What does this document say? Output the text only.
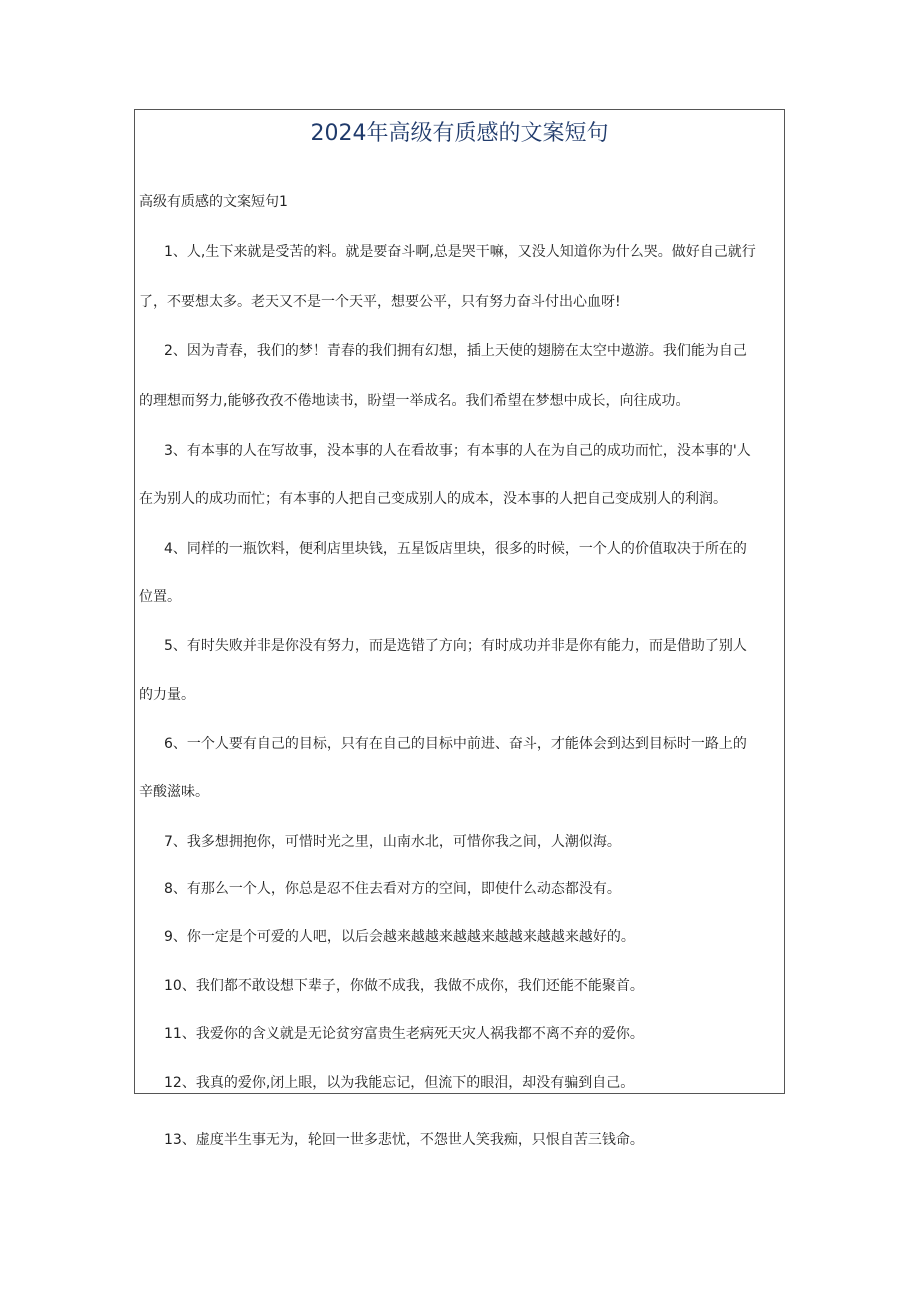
2024年高级有质感的文案短句

高级有质感的文案短句1

1、人,生下来就是受苦的料。就是要奋斗啊,总是哭干嘛，又没人知道你为什么哭。做好自己就行

了，不要想太多。老天又不是一个天平，想要公平，只有努力奋斗付出心血呀!

2、因为青春，我们的梦！青春的我们拥有幻想，插上天使的翅膀在太空中遨游。我们能为自己

的理想而努力,能够孜孜不倦地读书，盼望一举成名。我们希望在梦想中成长，向往成功。

3、有本事的人在写故事，没本事的人在看故事；有本事的人在为自己的成功而忙，没本事的'人

在为别人的成功而忙；有本事的人把自己变成别人的成本，没本事的人把自己变成别人的利润。

4、同样的一瓶饮料，便利店里块钱，五星饭店里块，很多的时候，一个人的价值取决于所在的

位置。

5、有时失败并非是你没有努力，而是选错了方向；有时成功并非是你有能力，而是借助了别人

的力量。

6、一个人要有自己的目标，只有在自己的目标中前进、奋斗，才能体会到达到目标时一路上的

辛酸滋味。

7、我多想拥抱你，可惜时光之里，山南水北，可惜你我之间，人潮似海。

8、有那么一个人，你总是忍不住去看对方的空间，即使什么动态都没有。

9、你一定是个可爱的人吧，以后会越来越越来越越来越越来越越来越好的。

10、我们都不敢设想下辈子，你做不成我，我做不成你，我们还能不能聚首。

11、我爱你的含义就是无论贫穷富贵生老病死天灾人祸我都不离不弃的爱你。

12、我真的爱你,闭上眼，以为我能忘记，但流下的眼泪，却没有骗到自己。

13、虚度半生事无为，轮回一世多悲忧，不怨世人笑我痴，只恨自苦三钱命。
